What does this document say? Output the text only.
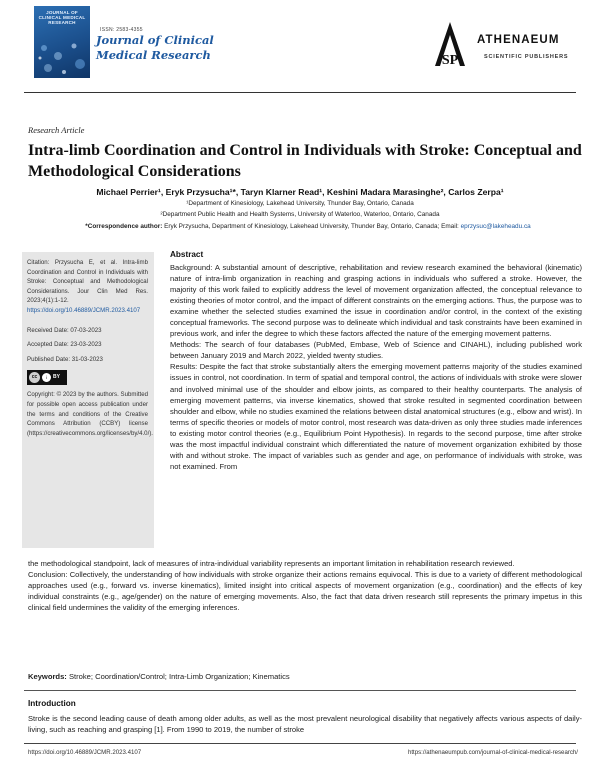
JOURNAL OF CLINICAL MEDICAL RESEARCH
ISSN: 2583-4355
Journal of Clinical
Medical Research	SP
ATHENAEUM
SCIENTIFIC PUBLISHERS
Research Article
Intra-limb Coordination and Control in Individuals with Stroke: Conceptual and Methodological Considerations
Michael Perrier¹, Eryk Przysucha¹*, Taryn Klarner Read¹, Keshini Madara Marasinghe², Carlos Zerpa¹
¹Department of Kinesiology, Lakehead University, Thunder Bay, Ontario, Canada
²Department Public Health and Health Systems, University of Waterloo, Waterloo, Ontario, Canada
*Correspondence author: Eryk Przysucha, Department of Kinesiology, Lakehead University, Thunder Bay, Ontario, Canada; Email: eprzysuc@lakeheadu.ca
Citation: Przysucha E, et al. Intra-limb Coordination and Control in Individuals with Stroke: Conceptual and Methodological Considerations. Jour Clin Med Res. 2023;4(1):1-12.
https://doi.org/10.46889/JCMR.2023.4107
Received Date: 07-03-2023
Accepted Date: 23-03-2023
Published Date: 31-03-2023
cc	i	BY
Copyright: © 2023 by the authors. Submitted for possible open access publication under the terms and conditions of the Creative Commons Attribution (CCBY) license (https://creativecommons.org/licenses/by/4.0/).
Abstract

Background: A substantial amount of descriptive, rehabilitation and review research examined the behavioral (kinematic) nature of intra-limb organization in reaching and grasping actions in individuals who suffered a stroke. However, the majority of this work failed to explicitly address the level of movement organization affected, the conceptual relevance to existing theories of motor control, and the impact of different constraints on the emerging actions. Thus, the purpose was to examine whether the selected studies examined the issue in coordination and/or control, in the context of the existing conceptual frameworks. The second purpose was to delineate which individual and task constraints have been examined in previous work, and infer the degree to which these factors affected the nature of the emerging movement patterns.

Methods: The search of four databases (PubMed, Embase, Web of Science and CINAHL), including published work between January 2019 and March 2022, yielded twenty studies.

Results: Despite the fact that stroke substantially alters the emerging movement patterns majority of the studies examined issues in control, not coordination. In term of spatial and temporal control, the actions of individuals with stroke were slower and involved minimal use of the shoulder and elbow joints, as compared to their healthy counterparts. The analysis of emerging movement patterns, via inverse kinematics, showed that stroke resulted in segmented coordination between shoulder and elbow, while no studies examined the relations between distal anatomical structures (e.g., elbow and wrist). In terms of specific theories or models of motor control, most research was data-driven as only three studies made inferences to existing motor control theories (e.g., Equilibrium Point Hypothesis). In regards to the second purpose, time after stroke was the most impactful individual constraint which differentiated the nature of movement organization exhibited by those with and without stroke. The impact of variables such as gender and age, on performance of individuals with stroke, was not examined. From

the methodological standpoint, lack of measures of intra-individual variability represents an important limitation in rehabilitation research reviewed.

Conclusion: Collectively, the understanding of how individuals with stroke organize their actions remains equivocal. This is due to a variety of different methodological approaches used (e.g., forward vs. inverse kinematics), limited insight into critical aspects of movement organization (e.g., coordination) and the effects of key individual constraints (e.g., age/gender) on the nature of emerging movements. Also, the fact that data driven research still represents the primary impetus in this clinical field undermines the validity of the emerging inferences.

Keywords: Stroke; Coordination/Control; Intra-Limb Organization; Kinematics
Introduction
Stroke is the second leading cause of death among older adults, as well as the most prevalent neurological disability that negatively affects various aspects of daily-living, such as reaching and grasping [1]. From 1990 to 2019, the number of stroke
https://doi.org/10.46889/JCMR.2023.4107	https://athenaeumpub.com/journal-of-clinical-medical-research/
